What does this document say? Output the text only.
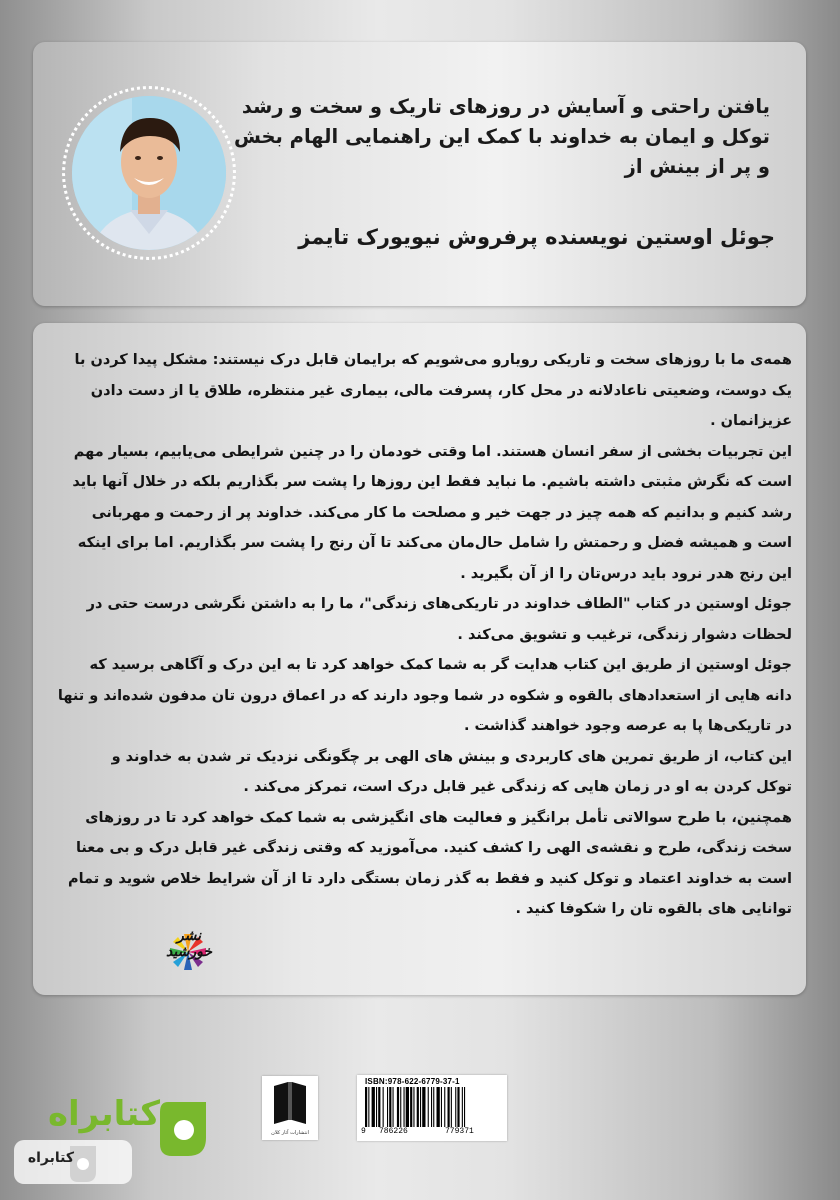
یافتن راحتی و آسایش در روزهای تاریک و سخت و رشد
توکل و ایمان به خداوند با کمک این راهنمایی الهام بخش
و پر از بینش از
جوئل اوستین نویسنده پرفروش نیویورک تایمز
همه‌ی ما با روزهای سخت و تاریکی رویارو می‌شویم که برایمان قابل درک نیستند: مشکل پیدا کردن با
یک دوست، وضعیتی ناعادلانه در محل کار، پسرفت مالی، بیماری غیر منتظره، طلاق یا از دست دادن
عزیزانمان .
این تجربیات بخشی از سفر انسان هستند. اما وقتی خودمان را در چنین شرایطی می‌یابیم، بسیار مهم
است که نگرش مثبتی داشته باشیم. ما نباید فقط این روزها را پشت سر بگذاریم بلکه در خلال آنها باید
رشد کنیم و بدانیم که همه چیز در جهت خیر و مصلحت ما کار می‌کند. خداوند پر از رحمت و مهربانی
است و همیشه فضل و رحمتش را شامل حال‌مان می‌کند تا آن رنج را پشت سر بگذاریم. اما برای اینکه
این رنج هدر نرود باید درس‌تان را از آن بگیرید .
جوئل اوستین در کتاب "الطاف خداوند در تاریکی‌های زندگی"، ما را به داشتن نگرشی درست حتی در
لحظات دشوار زندگی، ترغیب و تشویق می‌کند .
جوئل اوستین از طریق این کتاب هدایت گر به شما کمک خواهد کرد تا به این درک و آگاهی برسید که
دانه هایی از استعدادهای بالقوه و شکوه در شما وجود دارند که در اعماق درون تان مدفون شده‌اند و تنها
در تاریکی‌ها پا به عرصه وجود خواهند گذاشت .
این کتاب، از طریق تمرین های کاربردی و بینش های الهی بر چگونگی نزدیک تر شدن به خداوند و
توکل کردن به او در زمان هایی که زندگی غیر قابل درک است، تمرکز می‌کند .
همچنین، با طرح سوالاتی تأمل برانگیز و فعالیت های انگیزشی به شما کمک خواهد کرد تا در روزهای
سخت زندگی، طرح و نقشه‌ی الهی را کشف کنید. می‌آموزید که وقتی زندگی غیر قابل درک و بی معنا
است به خداوند اعتماد و توکل کنید و فقط به گذر زمان بستگی دارد تا از آن شرایط خلاص شوید و تمام
توانایی های بالقوه تان را شکوفا کنید .
نشر خورشید
انتشارات آثار کلان
ISBN:978-622-6779-37-1
9 786226	779371
کتابراه
کتابراه
